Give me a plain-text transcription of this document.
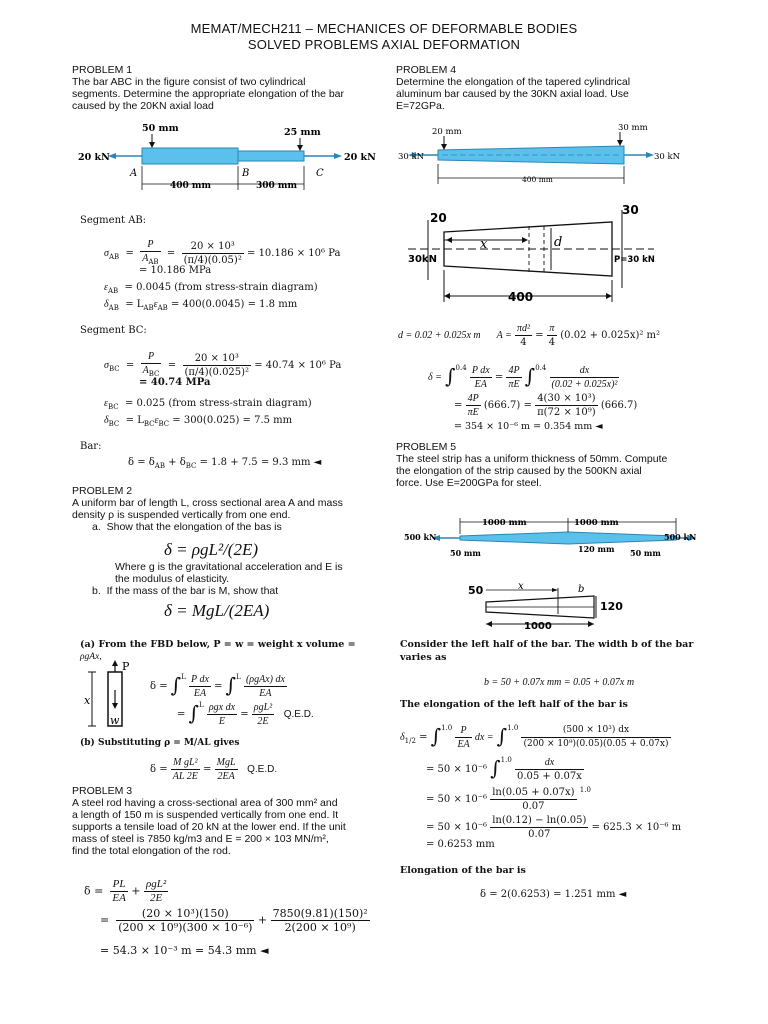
MEMAT/MECH211 – MECHANICES OF DEFORMABLE BODIES
SOLVED PROBLEMS AXIAL DEFORMATION
PROBLEM 1
The bar ABC in the figure consist of two cylindrical
segments. Determine the appropriate elongation of the bar
caused by the 20KN axial load
50 mm	25 mm
20 kN	20 kN
A	B	C
400 mm	300 mm
Segment AB:
$\sigma_{AB} = \frac{P}{A_{AB}} = \frac{\text{20 × 10³}}{\text{(π/4)(0.05)²}} = 10.186 \times 10^6$ Pa
= 10.186 MPa
$\varepsilon_{AB} = 0.0045$ (from stress-strain diagram)
$\delta_{AB} = L_{AB}\varepsilon_{AB} = 400(0.0045) = 1.8$ mm
Segment BC:
$\sigma_{BC} = \frac{P}{A_{BC}} = \frac{\text{20 × 10³}}{\text{(π/4)(0.025)²}} = 40.74 \times 10^6$ Pa
= 40.74 MPa
$\varepsilon_{BC} = 0.025$ (from stress-strain diagram)
$\delta_{BC} = L_{BC}\varepsilon_{BC} = 300(0.025) = 7.5$ mm
Bar:
$\delta = \delta_{AB} + \delta_{BC} = 1.8 + 7.5 = 9.3$ mm ◄
PROBLEM 2
A uniform bar of length L, cross sectional area A and mass
density ρ is suspended vertically from one end.
a. Show that the elongation of the bas is
δ = ρgL²/(2E)
Where g is the gravitational acceleration and E is
the modulus of elasticity.
b. If the mass of the bar is M, show that
δ = MgL/(2EA)
(a) From the FBD below, P = w = weight x volume =
ρgAx,
P
x
w
$\delta = \int^L \frac{\text{P dx}}{EA} = \int^L \frac{\text{(ρgAx) dx}}{EA}$
= $\int^L \frac{\text{ρgx dx}}{E} = \frac{\text{ρgL²}}{2E} Q.E.D$.
(b) Substituting ρ = M/AL gives
$\delta = \frac{\text{M gL²}}{AL 2E} = \frac{\text{MgL}}{2EA} Q.E.D$.
PROBLEM 3
A steel rod having a cross-sectional area of 300 mm² and
a length of 150 m is suspended vertically from one end. It
supports a tensile load of 20 kN at the lower end. If the unit
mass of steel is 7850 kg/m3 and E = 200 × 103 MN/m²,
find the total elongation of the rod.
$\delta = \frac{PL}{EA} + \frac{\text{ρgL²}}{2E}$
= $\frac{\text{(20 × 10³)(150)}}{\text{(200 × 10⁹)(300 × 10⁻⁶)}} + \frac{\text{7850(9.81)(150)²}}{\text{2(200 × 10⁹)}}$
= 54.3 × 10⁻³ m = 54.3 mm ◄
PROBLEM 4
Determine the elongation of the tapered cylindrical
aluminum bar caused by the 30KN axial load. Use
E=72GPa.
20 mm	30 mm
30 kN	30 kN
400 mm
20
30
30kN
x	d
P=30 kN
400
d = 0.02 + 0.025x m $A = \frac{\text{πd²}}{4} = \frac{\pi}{4} (0.02 + 0.025x)^2$ m²
$\delta = \int^{0.4} \frac{\text{P dx}}{EA} = \frac{4P}{\pi E} \int^{0.4} \frac{dx}{\text{(0.02 + 0.025x)²}}$
= $\frac{4P}{\pi E} (666.7) = \frac{\text{4(30 × 10³)}}{\text{π(72 × 10⁹)}} (666.7)$
= 354 × 10⁻⁶ m = 0.354 mm ◄
PROBLEM 5
The steel strip has a uniform thickness of 50mm. Compute
the elongation of the strip caused by the 500KN axial
force. Use E=200GPa for steel.
1000 mm	1000 mm
500 kN	500 kN
50 mm	120 mm 50 mm
50	x	b
120
1000
Consider the left half of the bar. The width b of the bar
varies as
b = 50 + 0.07x mm = 0.05 + 0.07x m
The elongation of the left half of the bar is
$\delta_{1/2} = \int^{1.0} \frac{P}{EA}$ dx = $\int^{1.0} \frac{\text{(500 × 10³) dx}}{\text{(200 × 10⁹)(0.05)(0.05 + 0.07x)}}$
= 50 × 10⁻⁶ $\int^{1.0} \frac{dx}{0.05 + 0.07x}$
= $50 \times 10^{-6} \frac{\ln(0.05 + 0.07x)}{0.07} ^{1.0}$
= $50 \times 10^{-6} \frac{\ln(0.12) - \ln(0.05)}{0.07} = 625.3 \times 10^{-6}$ m
= 0.6253 mm
Elongation of the bar is
δ = 2(0.6253) = 1.251 mm ◄
